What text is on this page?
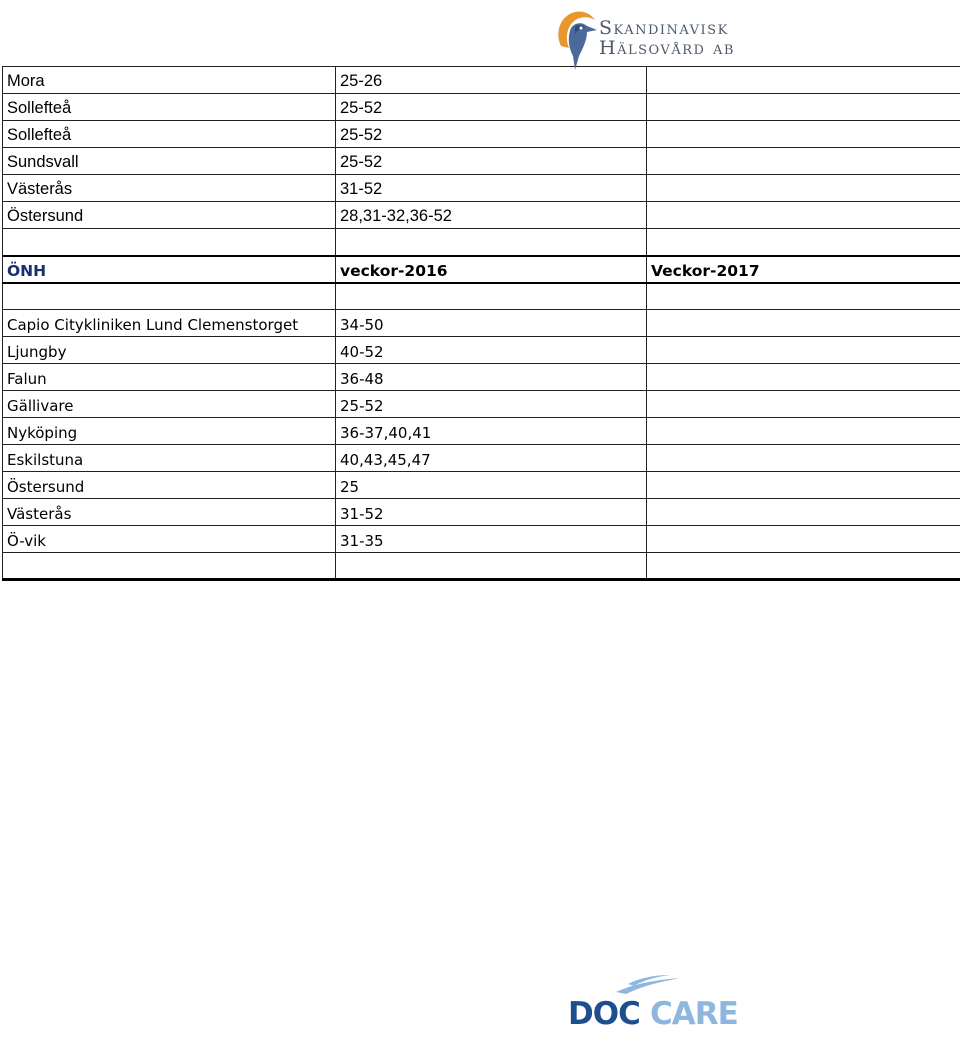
Skandinavisk
Hälsovård ab
Mora	25-26	
Sollefteå	25-52	
Sollefteå	25-52	
Sundsvall	25-52	
Västerås	31-52	
Östersund	28,31-32,36-52	

ÖNH	veckor-2016	Veckor-2017

Capio Citykliniken Lund Clemenstorget	34-50	
Ljungby	40-52	
Falun	36-48	
Gällivare	25-52	
Nyköping	36-37,40,41	
Eskilstuna	40,43,45,47	
Östersund	25	
Västerås	31-52	
Ö-vik	31-35	

DOC CARE
